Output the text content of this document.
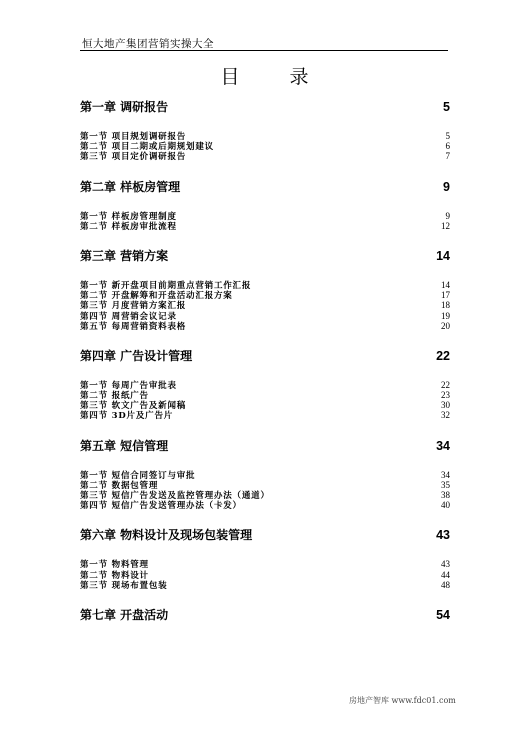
恒大地产集团营销实操大全
目 录
第一章 调研报告	5
第一节 项目规划调研报告	5
第二节 项目二期或后期规划建议	6
第三节 项目定价调研报告	7
第二章 样板房管理	9
第一节 样板房管理制度	9
第二节 样板房审批流程	12
第三章 营销方案	14
第一节 新开盘项目前期重点营销工作汇报	14
第二节 开盘解筹和开盘活动汇报方案	17
第三节 月度营销方案汇报	18
第四节 周营销会议记录	19
第五节 每周营销资料表格	20
第四章 广告设计管理	22
第一节 每周广告审批表	22
第二节 报纸广告	23
第三节 软文广告及新闻稿	30
第四节 3D片及广告片	32
第五章 短信管理	34
第一节 短信合同签订与审批	34
第二节 数据包管理	35
第三节 短信广告发送及监控管理办法（通道）	38
第四节 短信广告发送管理办法（卡发）	40
第六章 物料设计及现场包装管理	43
第一节 物料管理	43
第二节 物料设计	44
第三节 现场布置包装	48
第七章 开盘活动	54
房地产智库 www.fdc01.com
